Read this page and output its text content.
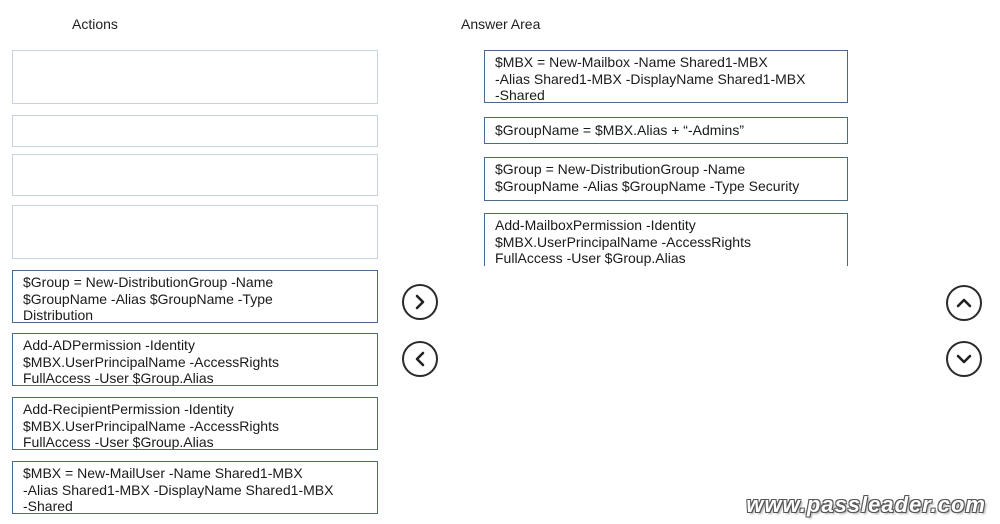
Actions	Answer Area
$Group = New-DistributionGroup -Name
$GroupName -Alias $GroupName -Type
Distribution
Add-ADPermission -Identity
$MBX.UserPrincipalName -AccessRights
FullAccess -User $Group.Alias
Add-RecipientPermission -Identity
$MBX.UserPrincipalName -AccessRights
FullAccess -User $Group.Alias
$MBX = New-MailUser -Name Shared1-MBX
-Alias Shared1-MBX -DisplayName Shared1-MBX
-Shared
$MBX = New-Mailbox -Name Shared1-MBX
-Alias Shared1-MBX -DisplayName Shared1-MBX
-Shared
$GroupName = $MBX.Alias + “-Admins”
$Group = New-DistributionGroup -Name
$GroupName -Alias $GroupName -Type Security
Add-MailboxPermission -Identity
$MBX.UserPrincipalName -AccessRights
FullAccess -User $Group.Alias
www.passleader.com
